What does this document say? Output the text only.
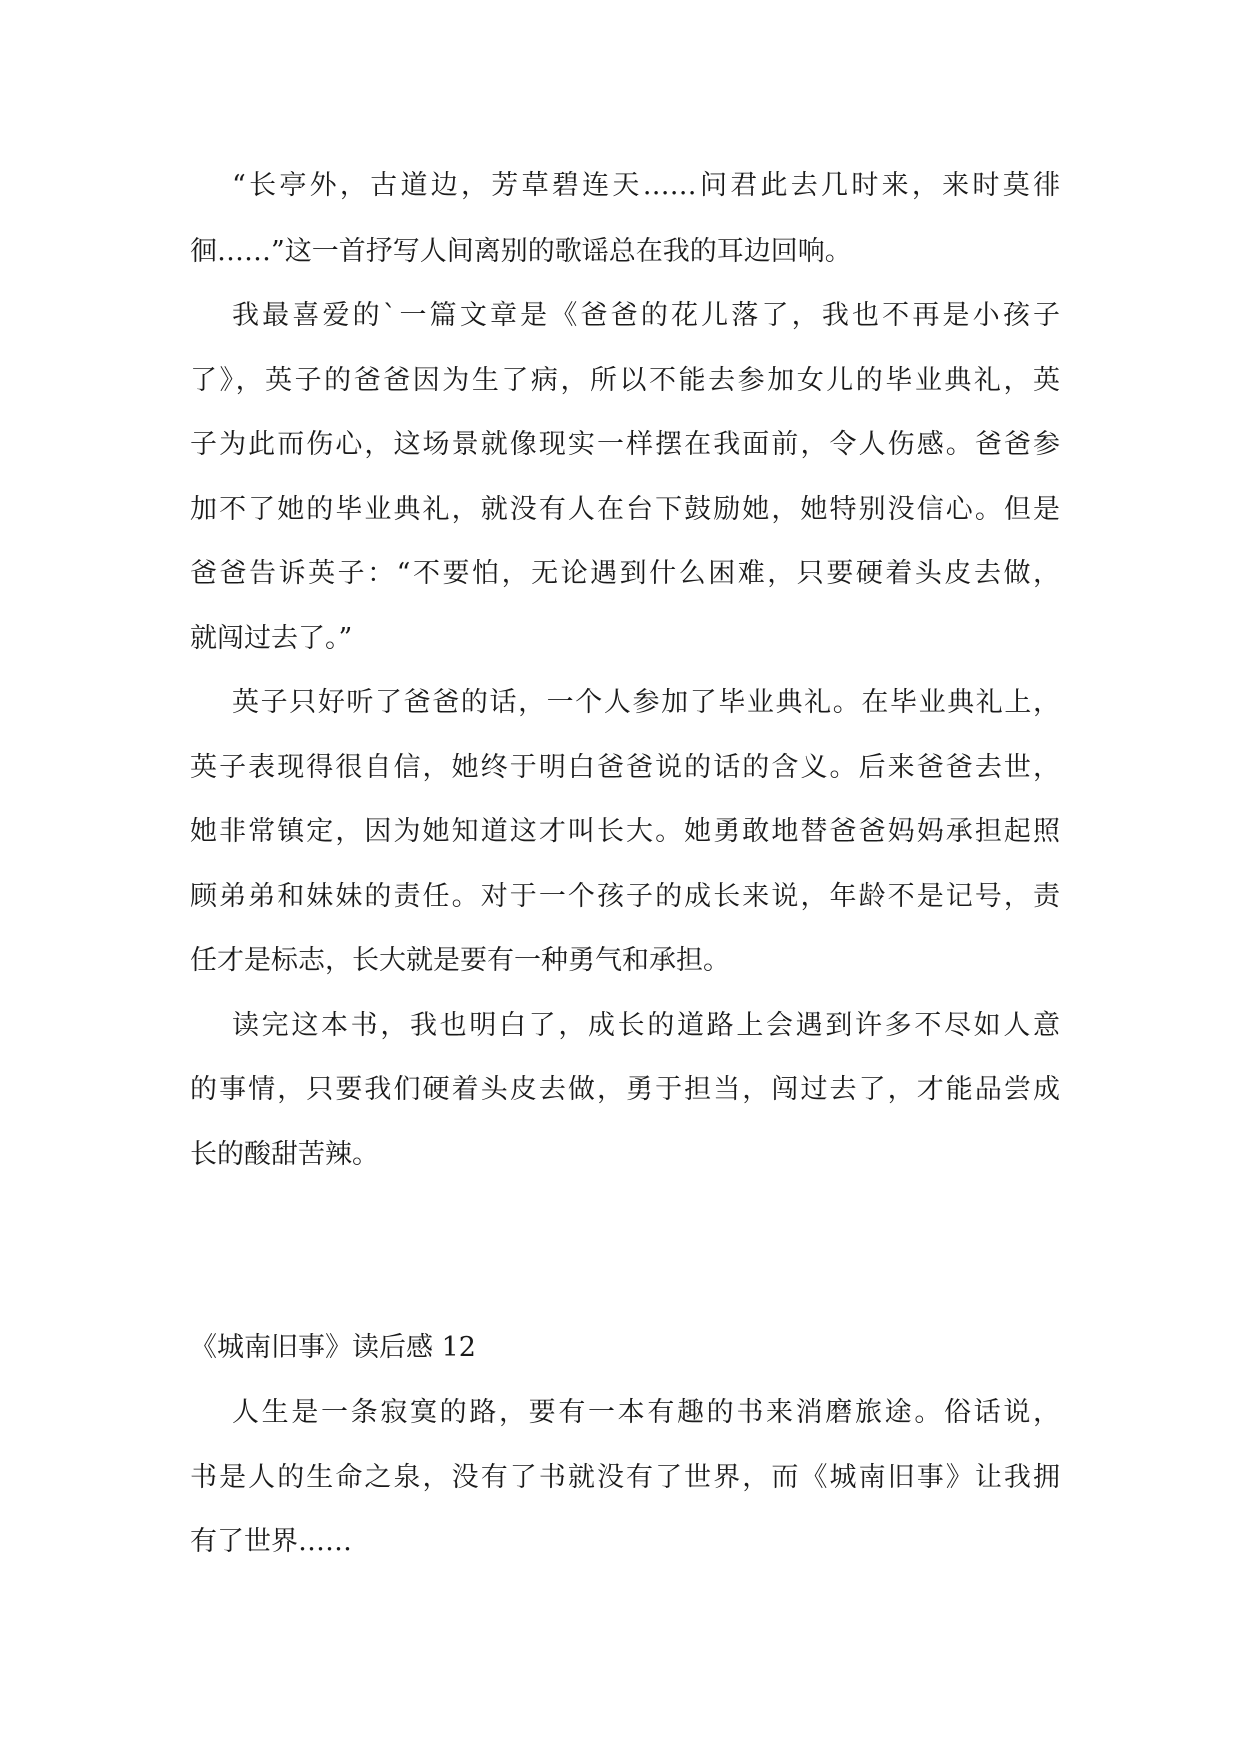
“长亭外，古道边，芳草碧连天……问君此去几时来，来时莫徘
徊……”这一首抒写人间离别的歌谣总在我的耳边回响。
我最喜爱的`一篇文章是《爸爸的花儿落了，我也不再是小孩子
了》，英子的爸爸因为生了病，所以不能去参加女儿的毕业典礼，英
子为此而伤心，这场景就像现实一样摆在我面前，令人伤感。爸爸参
加不了她的毕业典礼，就没有人在台下鼓励她，她特别没信心。但是
爸爸告诉英子：“不要怕，无论遇到什么困难，只要硬着头皮去做，
就闯过去了。”
英子只好听了爸爸的话，一个人参加了毕业典礼。在毕业典礼上，
英子表现得很自信，她终于明白爸爸说的话的含义。后来爸爸去世，
她非常镇定，因为她知道这才叫长大。她勇敢地替爸爸妈妈承担起照
顾弟弟和妹妹的责任。对于一个孩子的成长来说，年龄不是记号，责
任才是标志，长大就是要有一种勇气和承担。
读完这本书，我也明白了，成长的道路上会遇到许多不尽如人意
的事情，只要我们硬着头皮去做，勇于担当，闯过去了，才能品尝成
长的酸甜苦辣。
《城南旧事》读后感 12
人生是一条寂寞的路，要有一本有趣的书来消磨旅途。俗话说，
书是人的生命之泉，没有了书就没有了世界，而《城南旧事》让我拥
有了世界……
